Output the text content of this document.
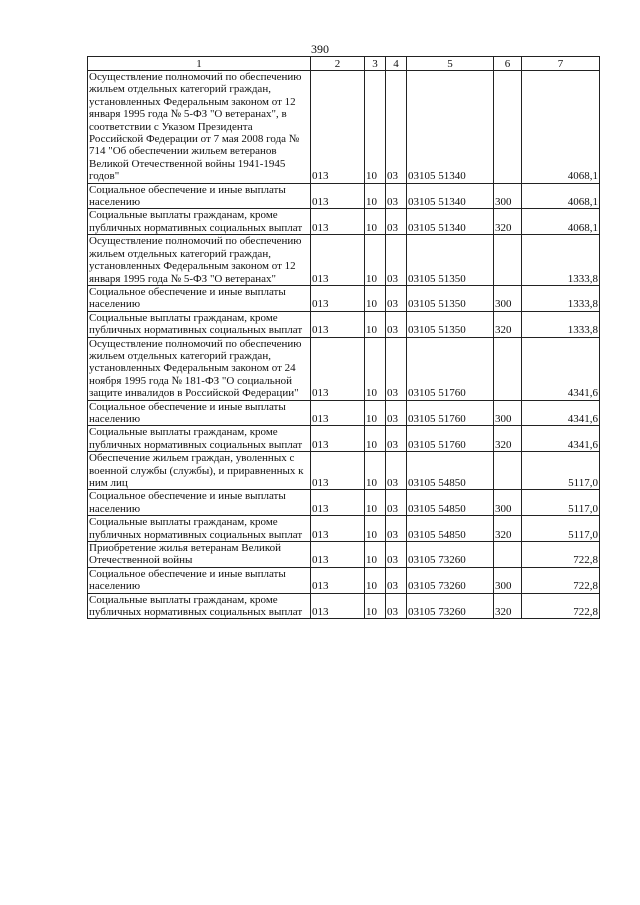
390
1	2	3	4	5	6	7
Осуществление полномочий по обеспечению жильем отдельных категорий граждан, установленных Федеральным законом от 12 января 1995 года № 5-ФЗ "О ветеранах", в соответствии с Указом Президента Российской Федерации от 7 мая 2008 года № 714 "Об обеспечении жильем ветеранов Великой Отечественной войны 1941-1945 годов"	013	10	03	03105 51340		4068,1
Социальное обеспечение и иные выплаты населению	013	10	03	03105 51340	300	4068,1
Социальные выплаты гражданам, кроме публичных нормативных социальных выплат	013	10	03	03105 51340	320	4068,1
Осуществление полномочий по обеспечению жильем отдельных категорий граждан, установленных Федеральным законом от 12 января 1995 года № 5-ФЗ "О ветеранах"	013	10	03	03105 51350		1333,8
Социальное обеспечение и иные выплаты населению	013	10	03	03105 51350	300	1333,8
Социальные выплаты гражданам, кроме публичных нормативных социальных выплат	013	10	03	03105 51350	320	1333,8
Осуществление полномочий по обеспечению жильем отдельных категорий граждан, установленных Федеральным законом от 24 ноября 1995 года № 181-ФЗ "О социальной защите инвалидов в Российской Федерации"	013	10	03	03105 51760		4341,6
Социальное обеспечение и иные выплаты населению	013	10	03	03105 51760	300	4341,6
Социальные выплаты гражданам, кроме публичных нормативных социальных выплат	013	10	03	03105 51760	320	4341,6
Обеспечение жильем граждан, уволенных с военной службы (службы), и приравненных к ним лиц	013	10	03	03105 54850		5117,0
Социальное обеспечение и иные выплаты населению	013	10	03	03105 54850	300	5117,0
Социальные выплаты гражданам, кроме публичных нормативных социальных выплат	013	10	03	03105 54850	320	5117,0
Приобретение жилья ветеранам Великой Отечественной войны	013	10	03	03105 73260		722,8
Социальное обеспечение и иные выплаты населению	013	10	03	03105 73260	300	722,8
Социальные выплаты гражданам, кроме публичных нормативных социальных выплат	013	10	03	03105 73260	320	722,8
